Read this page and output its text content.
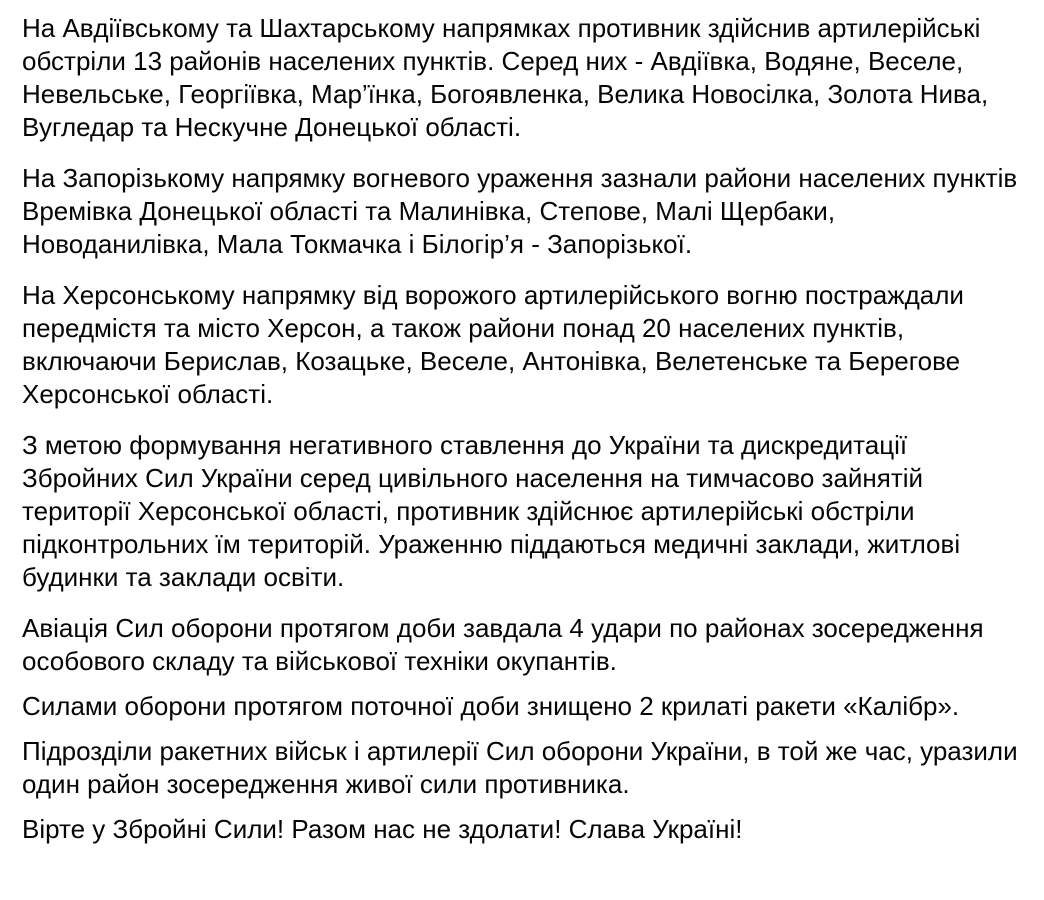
На Авдіївському та Шахтарському напрямках противник здійснив артилерійські обстріли 13 районів населених пунктів. Серед них - Авдіївка, Водяне, Веселе, Невельське, Георгіївка, Мар’їнка, Богоявленка, Велика Новосілка, Золота Нива, Вугледар та Нескучне Донецької області.

На Запорізькому напрямку вогневого ураження зазнали райони населених пунктів Времівка Донецької області та Малинівка, Степове, Малі Щербаки, Новоданилівка, Мала Токмачка і Білогір’я - Запорізької.

На Херсонському напрямку від ворожого артилерійського вогню постраждали передмістя та місто Херсон, а також райони понад 20 населених пунктів, включаючи Берислав, Козацьке, Веселе, Антонівка, Велетенське та Берегове Херсонської області.

З метою формування негативного ставлення до України та дискредитації Збройних Сил України серед цивільного населення на тимчасово зайнятій території Херсонської області, противник здійснює артилерійські обстріли підконтрольних їм територій. Ураженню піддаються медичні заклади, житлові будинки та заклади освіти.

Авіація Сил оборони протягом доби завдала 4 удари по районах зосередження особового складу та військової техніки окупантів.

Силами оборони протягом поточної доби знищено 2 крилаті ракети «Калібр».

Підрозділи ракетних військ і артилерії Сил оборони України, в той же час, уразили один район зосередження живої сили противника.

Вірте у Збройні Сили! Разом нас не здолати! Слава Україні!
